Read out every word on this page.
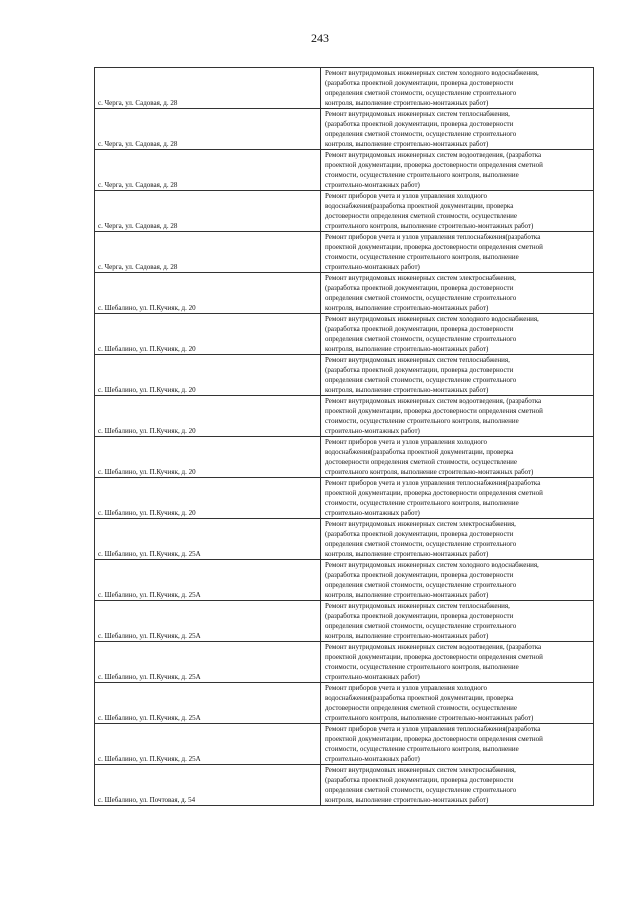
243
с. Черга, ул. Садовая, д. 28	Ремонт внутридомовых инженерных систем холодного водоснабжения,
(разработка проектной документации, проверка достоверности
определения сметной стоимости, осуществление строительного
контроля, выполнение строительно-монтажных работ)
с. Черга, ул. Садовая, д. 28	Ремонт внутридомовых инженерных систем теплоснабжения,
(разработка проектной документации, проверка достоверности
определения сметной стоимости, осуществление строительного
контроля, выполнение строительно-монтажных работ)
с. Черга, ул. Садовая, д. 28	Ремонт внутридомовых инженерных систем водоотведения, (разработка
проектной документации, проверка достоверности определения сметной
стоимости, осуществление строительного контроля, выполнение
строительно-монтажных работ)
с. Черга, ул. Садовая, д. 28	Ремонт приборов учета и узлов управления холодного
водоснабжения(разработка проектной документации, проверка
достоверности определения сметной стоимости, осуществление
строительного контроля, выполнение строительно-монтажных работ)
с. Черга, ул. Садовая, д. 28	Ремонт приборов учета и узлов управления теплоснабжения(разработка
проектной документации, проверка достоверности определения сметной
стоимости, осуществление строительного контроля, выполнение
строительно-монтажных работ)
с. Шебалино, ул. П.Кучияк, д. 20	Ремонт внутридомовых инженерных систем электроснабжения,
(разработка проектной документации, проверка достоверности
определения сметной стоимости, осуществление строительного
контроля, выполнение строительно-монтажных работ)
с. Шебалино, ул. П.Кучияк, д. 20	Ремонт внутридомовых инженерных систем холодного водоснабжения,
(разработка проектной документации, проверка достоверности
определения сметной стоимости, осуществление строительного
контроля, выполнение строительно-монтажных работ)
с. Шебалино, ул. П.Кучияк, д. 20	Ремонт внутридомовых инженерных систем теплоснабжения,
(разработка проектной документации, проверка достоверности
определения сметной стоимости, осуществление строительного
контроля, выполнение строительно-монтажных работ)
с. Шебалино, ул. П.Кучияк, д. 20	Ремонт внутридомовых инженерных систем водоотведения, (разработка
проектной документации, проверка достоверности определения сметной
стоимости, осуществление строительного контроля, выполнение
строительно-монтажных работ)
с. Шебалино, ул. П.Кучияк, д. 20	Ремонт приборов учета и узлов управления холодного
водоснабжения(разработка проектной документации, проверка
достоверности определения сметной стоимости, осуществление
строительного контроля, выполнение строительно-монтажных работ)
с. Шебалино, ул. П.Кучияк, д. 20	Ремонт приборов учета и узлов управления теплоснабжения(разработка
проектной документации, проверка достоверности определения сметной
стоимости, осуществление строительного контроля, выполнение
строительно-монтажных работ)
с. Шебалино, ул. П.Кучияк, д. 25А	Ремонт внутридомовых инженерных систем электроснабжения,
(разработка проектной документации, проверка достоверности
определения сметной стоимости, осуществление строительного
контроля, выполнение строительно-монтажных работ)
с. Шебалино, ул. П.Кучияк, д. 25А	Ремонт внутридомовых инженерных систем холодного водоснабжения,
(разработка проектной документации, проверка достоверности
определения сметной стоимости, осуществление строительного
контроля, выполнение строительно-монтажных работ)
с. Шебалино, ул. П.Кучияк, д. 25А	Ремонт внутридомовых инженерных систем теплоснабжения,
(разработка проектной документации, проверка достоверности
определения сметной стоимости, осуществление строительного
контроля, выполнение строительно-монтажных работ)
с. Шебалино, ул. П.Кучияк, д. 25А	Ремонт внутридомовых инженерных систем водоотведения, (разработка
проектной документации, проверка достоверности определения сметной
стоимости, осуществление строительного контроля, выполнение
строительно-монтажных работ)
с. Шебалино, ул. П.Кучияк, д. 25А	Ремонт приборов учета и узлов управления холодного
водоснабжения(разработка проектной документации, проверка
достоверности определения сметной стоимости, осуществление
строительного контроля, выполнение строительно-монтажных работ)
с. Шебалино, ул. П.Кучияк, д. 25А	Ремонт приборов учета и узлов управления теплоснабжения(разработка
проектной документации, проверка достоверности определения сметной
стоимости, осуществление строительного контроля, выполнение
строительно-монтажных работ)
с. Шебалино, ул. Почтовая, д. 54	Ремонт внутридомовых инженерных систем электроснабжения,
(разработка проектной документации, проверка достоверности
определения сметной стоимости, осуществление строительного
контроля, выполнение строительно-монтажных работ)
